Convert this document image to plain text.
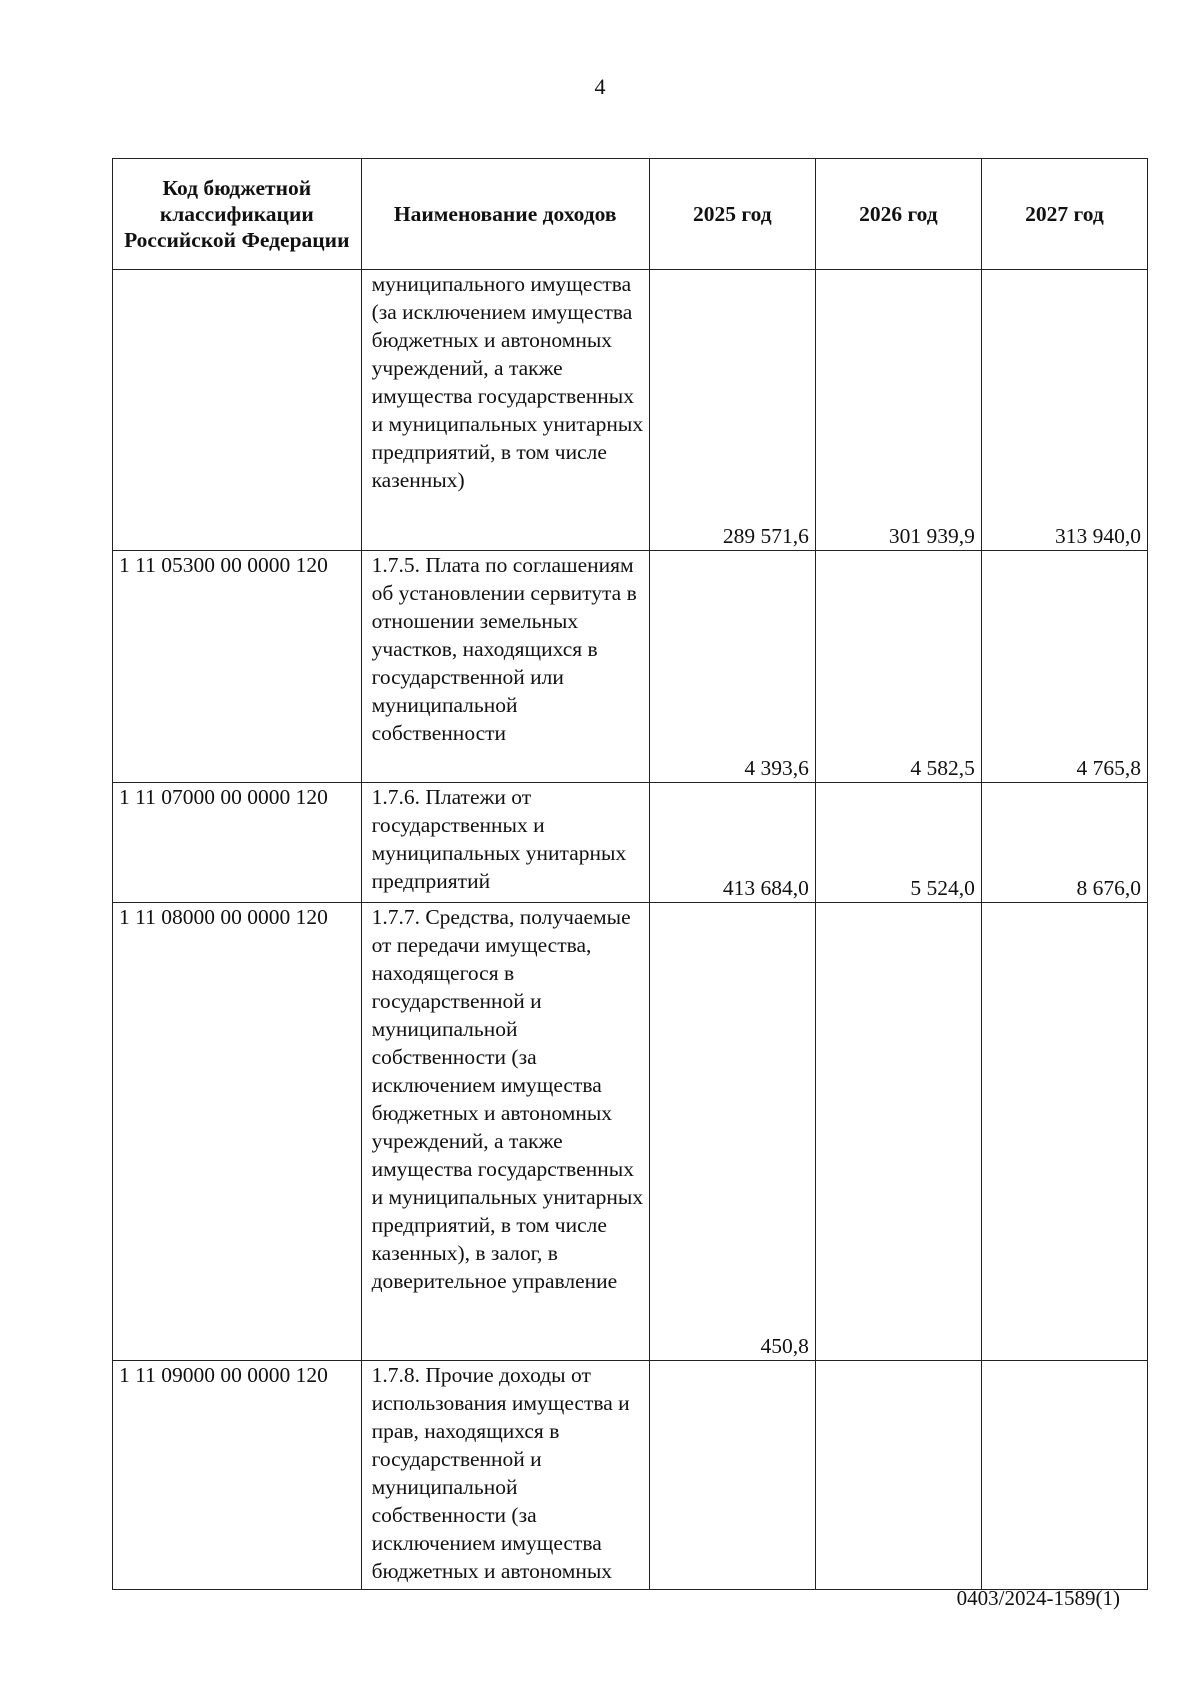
4
Код бюджетной классификации Российской Федерации	Наименование доходов	2025 год	2026 год	2027 год
	муниципального имущества (за исключением имущества бюджетных и автономных учреждений, а также имущества государственных и муниципальных унитарных предприятий, в том числе казенных)	289 571,6	301 939,9	313 940,0
1 11 05300 00 0000 120	1.7.5. Плата по соглашениям об установлении сервитута в отношении земельных участков, находящихся в государственной или муниципальной собственности	4 393,6	4 582,5	4 765,8
1 11 07000 00 0000 120	1.7.6. Платежи от государственных и муниципальных унитарных предприятий	413 684,0	5 524,0	8 676,0
1 11 08000 00 0000 120	1.7.7. Средства, получаемые от передачи имущества, находящегося в государственной и муниципальной собственности (за исключением имущества бюджетных и автономных учреждений, а также имущества государственных и муниципальных унитарных предприятий, в том числе казенных), в залог, в доверительное управление	450,8		
1 11 09000 00 0000 120	1.7.8. Прочие доходы от использования имущества и прав, находящихся в государственной и муниципальной собственности (за исключением имущества бюджетных и автономных			
0403/2024-1589(1)
